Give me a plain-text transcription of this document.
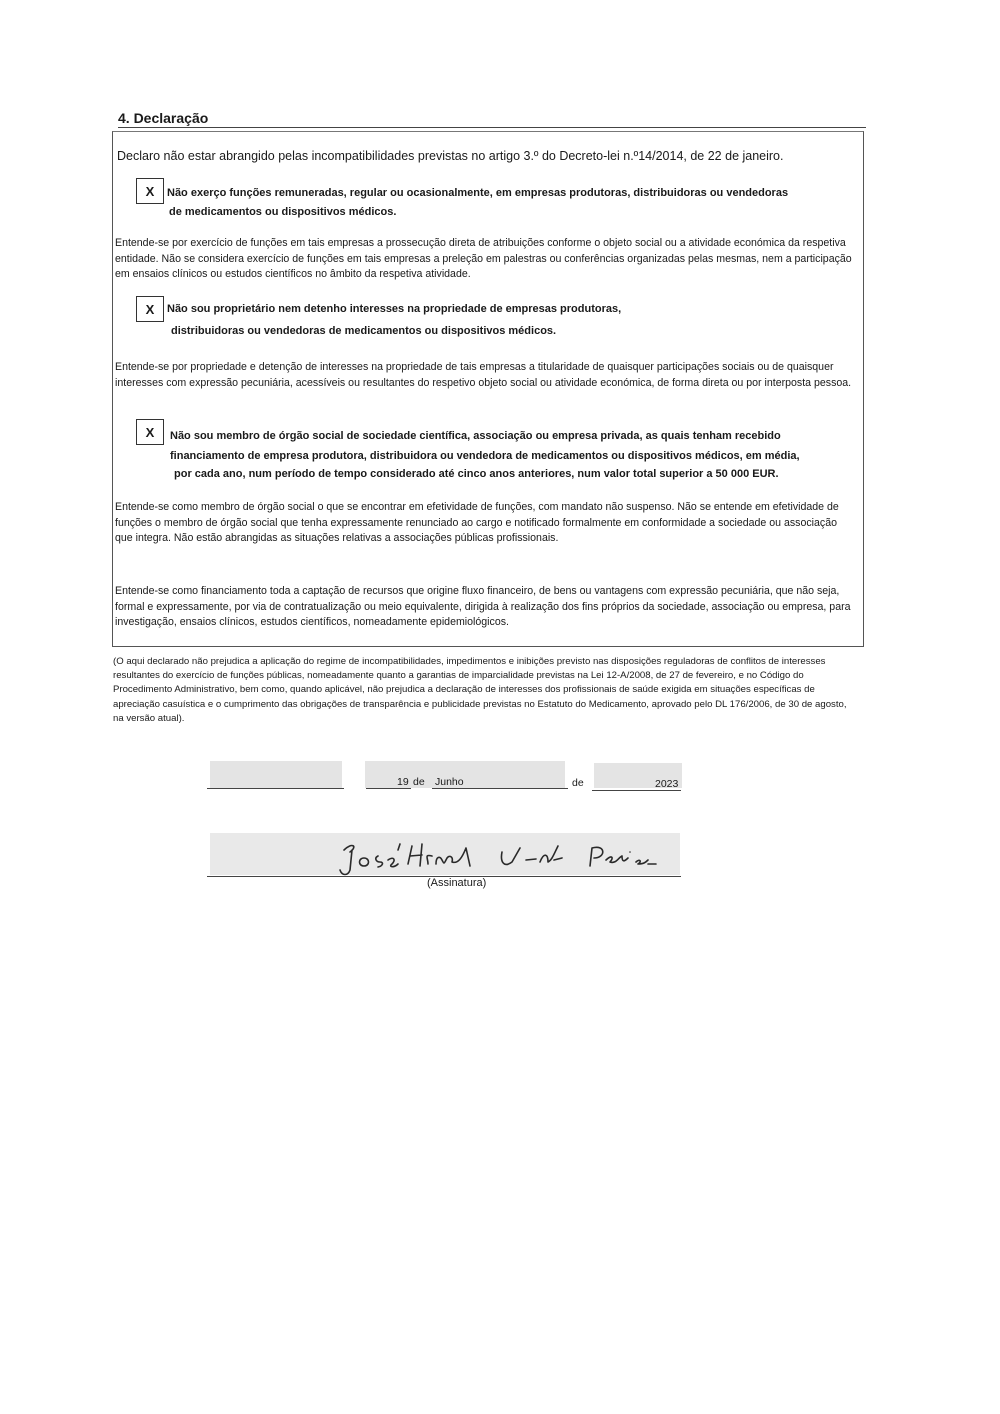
4. Declaração
Declaro não estar abrangido pelas incompatibilidades previstas no artigo 3.º do Decreto-lei n.º14/2014, de 22 de janeiro.
X Não exerço funções remuneradas, regular ou ocasionalmente, em empresas produtoras, distribuidoras ou vendedoras
de medicamentos ou dispositivos médicos.
Entende-se por exercício de funções em tais empresas a prossecução direta de atribuições conforme o objeto social ou a atividade económica da respetiva entidade. Não se considera exercício de funções em tais empresas a preleção em palestras ou conferências organizadas pelas mesmas, nem a participação em ensaios clínicos ou estudos científicos no âmbito da respetiva atividade.
X Não sou proprietário nem detenho interesses na propriedade de empresas produtoras,
distribuidoras ou vendedoras de medicamentos ou dispositivos médicos.
Entende-se por propriedade e detenção de interesses na propriedade de tais empresas a titularidade de quaisquer participações sociais ou de quaisquer interesses com expressão pecuniária, acessíveis ou resultantes do respetivo objeto social ou atividade económica, de forma direta ou por interposta pessoa.
X Não sou membro de órgão social de sociedade científica, associação ou empresa privada, as quais tenham recebido
financiamento de empresa produtora, distribuidora ou vendedora de medicamentos ou dispositivos médicos, em média,
por cada ano, num período de tempo considerado até cinco anos anteriores, num valor total superior a 50 000 EUR.
Entende-se como membro de órgão social o que se encontrar em efetividade de funções, com mandato não suspenso. Não se entende em efetividade de funções o membro de órgão social que tenha expressamente renunciado ao cargo e notificado formalmente em conformidade a sociedade ou associação que integra. Não estão abrangidas as situações relativas a associações públicas profissionais.
Entende-se como financiamento toda a captação de recursos que origine fluxo financeiro, de bens ou vantagens com expressão pecuniária, que não seja, formal e expressamente, por via de contratualização ou meio equivalente, dirigida à realização dos fins próprios da sociedade, associação ou empresa, para investigação, ensaios clínicos, estudos científicos, nomeadamente epidemiológicos.
(O aqui declarado não prejudica a aplicação do regime de incompatibilidades, impedimentos e inibições previsto nas disposições reguladoras de conflitos de interesses resultantes do exercício de funções públicas, nomeadamente quanto a garantias de imparcialidade previstas na Lei 12-A/2008, de 27 de fevereiro, e no Código do Procedimento Administrativo, bem como, quando aplicável, não prejudica a declaração de interesses dos profissionais de saúde exigida em situações específicas de apreciação casuística e o cumprimento das obrigações de transparência e publicidade previstas no Estatuto do Medicamento, aprovado pelo DL 176/2006, de 30 de agosto, na versão atual).
19 de Junho	de	2023
(Assinatura)
